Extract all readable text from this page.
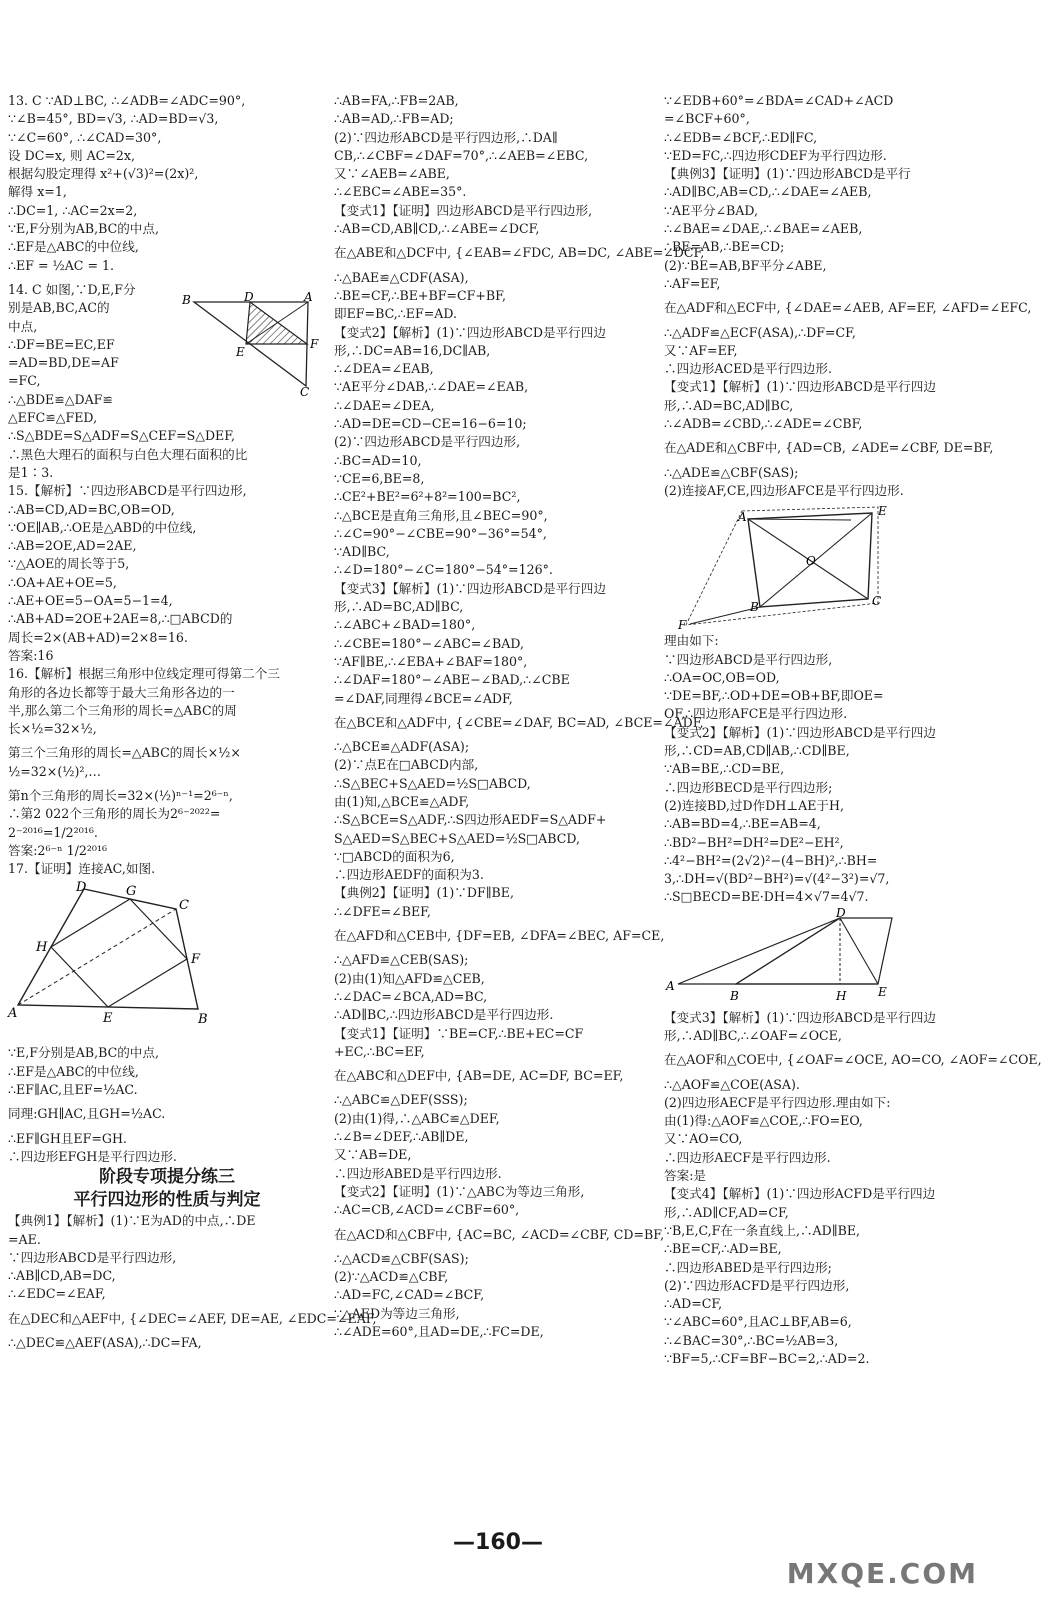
13. C ∵AD⊥BC, ∴∠ADB=∠ADC=90°,
∵∠B=45°, BD=√3, ∴AD=BD=√3,
∵∠C=60°, ∴∠CAD=30°,
设 DC=x, 则 AC=2x,
根据勾股定理得 x²+(√3)²=(2x)²,
解得 x=1,
∴DC=1, ∴AC=2x=2,
∵E,F分别为AB,BC的中点,
∴EF是△ABC的中位线,
∴EF = ½AC = 1.

14. C 如图,∵D,E,F分
别是AB,BC,AC的
中点,
∴DF=BE=EC,EF
=AD=BD,DE=AF
=FC,
∴△BDE≌△DAF≌
△EFC≌△FED,
∴S△BDE=S△ADF=S△CEF=S△DEF,
∴黑色大理石的面积与白色大理石面积的比
是1∶3.
15.【解析】∵四边形ABCD是平行四边形,
∴AB=CD,AD=BC,OB=OD,
∵OE∥AB,∴OE是△ABD的中位线,
∴AB=2OE,AD=2AE,
∵△AOE的周长等于5,
∴OA+AE+OE=5,
∴AE+OE=5−OA=5−1=4,
∴AB+AD=2OE+2AE=8,∴□ABCD的
周长=2×(AB+AD)=2×8=16.
答案:16
16.【解析】根据三角形中位线定理可得第二个三
角形的各边长都等于最大三角形各边的一
半,那么第二个三角形的周长=△ABC的周
长×½=32×½,

第三个三角形的周长=△ABC的周长×½×
½=32×(½)²,…

第n个三角形的周长=32×(½)ⁿ⁻¹=2⁶⁻ⁿ,
∴第2 022个三角形的周长为2⁶⁻²⁰²²=
2⁻²⁰¹⁶=1/2²⁰¹⁶.
答案:2⁶⁻ⁿ 1/2²⁰¹⁶
17.【证明】连接AC,如图.
D	G
C
H
F
A	E	B
∵E,F分别是AB,BC的中点,
∴EF是△ABC的中位线,
∴EF∥AC,且EF=½AC.

同理:GH∥AC,且GH=½AC.

∴EF∥GH且EF=GH.
∴四边形EFGH是平行四边形.
阶段专项提分练三
平行四边形的性质与判定
【典例1】【解析】(1)∵E为AD的中点,∴DE
=AE.
∵四边形ABCD是平行四边形,
∴AB∥CD,AB=DC,
∴∠EDC=∠EAF,

在△DEC和△AEF中, {∠DEC=∠AEF, DE=AE, ∠EDC=∠EAF,

∴△DEC≌△AEF(ASA),∴DC=FA,
B	D	A
E
F
C
∴AB=FA,∴FB=2AB,
∴AB=AD,∴FB=AD;
(2)∵四边形ABCD是平行四边形,∴DA∥
CB,∴∠CBF=∠DAF=70°,∴∠AEB=∠EBC,
又∵∠AEB=∠ABE,
∴∠EBC=∠ABE=35°.
【变式1】【证明】四边形ABCD是平行四边形,
∴AB=CD,AB∥CD,∴∠ABE=∠DCF,

在△ABE和△DCF中, {∠EAB=∠FDC, AB=DC, ∠ABE=∠DCF,

∴△BAE≌△CDF(ASA),
∴BE=CF,∴BE+BF=CF+BF,
即EF=BC,∴EF=AD.
【变式2】【解析】(1)∵四边形ABCD是平行四边
形,∴DC=AB=16,DC∥AB,
∴∠DEA=∠EAB,
∵AE平分∠DAB,∴∠DAE=∠EAB,
∴∠DAE=∠DEA,
∴AD=DE=CD−CE=16−6=10;
(2)∵四边形ABCD是平行四边形,
∴BC=AD=10,
∵CE=6,BE=8,
∴CE²+BE²=6²+8²=100=BC²,
∴△BCE是直角三角形,且∠BEC=90°,
∴∠C=90°−∠CBE=90°−36°=54°,
∵AD∥BC,
∴∠D=180°−∠C=180°−54°=126°.
【变式3】【解析】(1)∵四边形ABCD是平行四边
形,∴AD=BC,AD∥BC,
∴∠ABC+∠BAD=180°,
∴∠CBE=180°−∠ABC=∠BAD,
∵AF∥BE,∴∠EBA+∠BAF=180°,
∴∠DAF=180°−∠ABE−∠BAD,∴∠CBE
=∠DAF,同理得∠BCE=∠ADF,

在△BCE和△ADF中, {∠CBE=∠DAF, BC=AD, ∠BCE=∠ADF,

∴△BCE≌△ADF(ASA);
(2)∵点E在□ABCD内部,
∴S△BEC+S△AED=½S□ABCD,
由(1)知,△BCE≌△ADF,
∴S△BCE=S△ADF,∴S四边形AEDF=S△ADF+
S△AED=S△BEC+S△AED=½S□ABCD,
∵□ABCD的面积为6,
∴四边形AEDF的面积为3.
【典例2】【证明】(1)∵DF∥BE,
∴∠DFE=∠BEF,

在△AFD和△CEB中, {DF=EB, ∠DFA=∠BEC, AF=CE,

∴△AFD≌△CEB(SAS);
(2)由(1)知△AFD≌△CEB,
∴∠DAC=∠BCA,AD=BC,
∴AD∥BC,∴四边形ABCD是平行四边形.
【变式1】【证明】∵BE=CF,∴BE+EC=CF
+EC,∴BC=EF,

在△ABC和△DEF中, {AB=DE, AC=DF, BC=EF,

∴△ABC≌△DEF(SSS);
(2)由(1)得,∴△ABC≌△DEF,
∴∠B=∠DEF,∴AB∥DE,
又∵AB=DE,
∴四边形ABED是平行四边形.
【变式2】【证明】(1)∵△ABC为等边三角形,
∴AC=CB,∠ACD=∠CBF=60°,

在△ACD和△CBF中, {AC=BC, ∠ACD=∠CBF, CD=BF,

∴△ACD≌△CBF(SAS);
(2)∵△ACD≌△CBF,
∴AD=FC,∠CAD=∠BCF,
∵△AED为等边三角形,
∴∠ADE=60°,且AD=DE,∴FC=DE,
∵∠EDB+60°=∠BDA=∠CAD+∠ACD
=∠BCF+60°,
∴∠EDB=∠BCF,∴ED∥FC,
∵ED=FC,∴四边形CDEF为平行四边形.
【典例3】【证明】(1)∵四边形ABCD是平行
∴AD∥BC,AB=CD,∴∠DAE=∠AEB,
∵AE平分∠BAD,
∴∠BAE=∠DAE,∴∠BAE=∠AEB,
∴BE=AB,∴BE=CD;
(2)∵BE=AB,BF平分∠ABE,
∴AF=EF,

在△ADF和△ECF中, {∠DAE=∠AEB, AF=EF, ∠AFD=∠EFC,

∴△ADF≌△ECF(ASA),∴DF=CF,
又∵AF=EF,
∴四边形ACED是平行四边形.
【变式1】【解析】(1)∵四边形ABCD是平行四边
形,∴AD=BC,AD∥BC,
∴∠ADB=∠CBD,∴∠ADE=∠CBF,

在△ADE和△CBF中, {AD=CB, ∠ADE=∠CBF, DE=BF,

∴△ADE≌△CBF(SAS);
(2)连接AF,CE,四边形AFCE是平行四边形.
A	E
O
B	C
F
理由如下:
∵四边形ABCD是平行四边形,
∴OA=OC,OB=OD,
∵DE=BF,∴OD+DE=OB+BF,即OE=
OF,∴四边形AFCE是平行四边形.
【变式2】【解析】(1)∵四边形ABCD是平行四边
形,∴CD=AB,CD∥AB,∴CD∥BE,
∵AB=BE,∴CD=BE,
∴四边形BECD是平行四边形;
(2)连接BD,过D作DH⊥AE于H,
∴AB=BD=4,∴BE=AB=4,
∴BD²−BH²=DH²=DE²−EH²,
∴4²−BH²=(2√2)²−(4−BH)²,∴BH=
3,∴DH=√(BD²−BH²)=√(4²−3²)=√7,
∴S□BECD=BE·DH=4×√7=4√7.
D
A
B	H	E
【变式3】【解析】(1)∵四边形ABCD是平行四边
形,∴AD∥BC,∴∠OAF=∠OCE,

在△AOF和△COE中, {∠OAF=∠OCE, AO=CO, ∠AOF=∠COE,

∴△AOF≌△COE(ASA).
(2)四边形AECF是平行四边形.理由如下:
由(1)得:△AOF≌△COE,∴FO=EO,
又∵AO=CO,
∴四边形AECF是平行四边形.
答案:是
【变式4】【解析】(1)∵四边形ACFD是平行四边
形,∴AD∥CF,AD=CF,
∵B,E,C,F在一条直线上,∴AD∥BE,
∴BE=CF,∴AD=BE,
∴四边形ABED是平行四边形;
(2)∵四边形ACFD是平行四边形,
∴AD=CF,
∵∠ABC=60°,且AC⊥BF,AB=6,
∴∠BAC=30°,∴BC=½AB=3,
∵BF=5,∴CF=BF−BC=2,∴AD=2.
—160—
MXQE.COM
